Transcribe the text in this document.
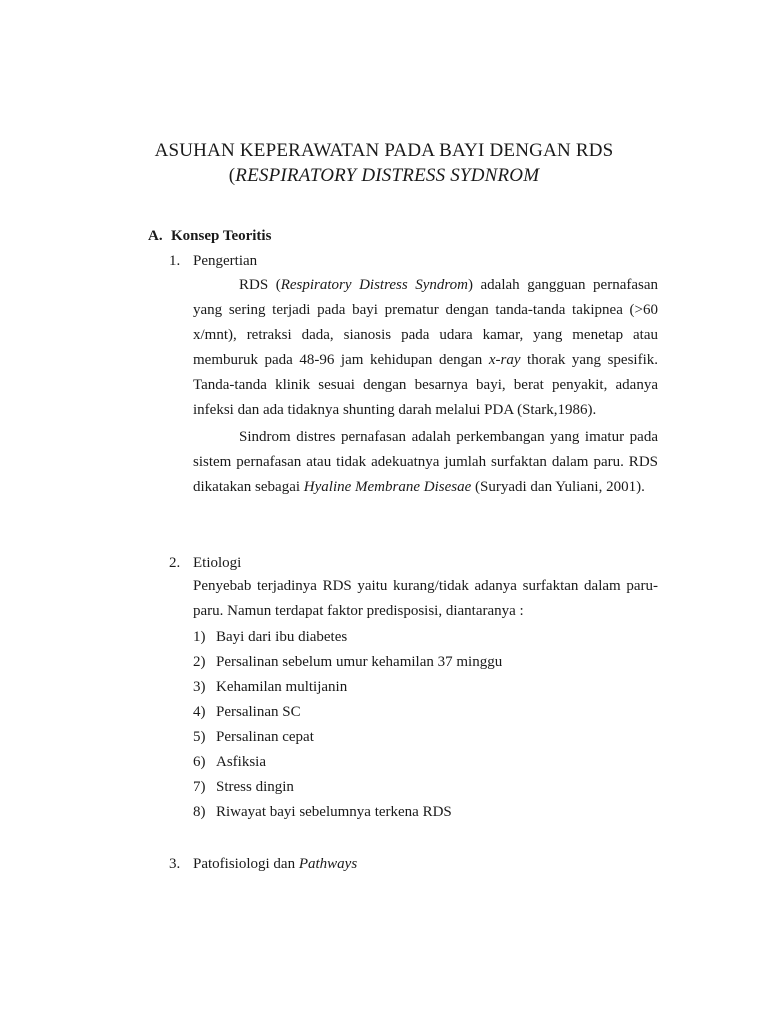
ASUHAN KEPERAWATAN PADA BAYI DENGAN RDS
(RESPIRATORY DISTRESS SYDNROM
A. Konsep Teoritis
1. Pengertian
RDS (Respiratory Distress Syndrom) adalah gangguan pernafasan yang sering terjadi pada bayi prematur dengan tanda-tanda takipnea (>60 x/mnt), retraksi dada, sianosis pada udara kamar, yang menetap atau memburuk pada 48-96 jam kehidupan dengan x-ray thorak yang spesifik. Tanda-tanda klinik sesuai dengan besarnya bayi, berat penyakit, adanya infeksi dan ada tidaknya shunting darah melalui PDA (Stark,1986).
Sindrom distres pernafasan adalah perkembangan yang imatur pada sistem pernafasan atau tidak adekuatnya jumlah surfaktan dalam paru. RDS dikatakan sebagai Hyaline Membrane Disesae (Suryadi dan Yuliani, 2001).
2. Etiologi
Penyebab terjadinya RDS yaitu kurang/tidak adanya surfaktan dalam paru-paru. Namun terdapat faktor predisposisi, diantaranya :
1) Bayi dari ibu diabetes
2) Persalinan sebelum umur kehamilan 37 minggu
3) Kehamilan multijanin
4) Persalinan SC
5) Persalinan cepat
6) Asfiksia
7) Stress dingin
8) Riwayat bayi sebelumnya terkena RDS
3. Patofisiologi dan Pathways
